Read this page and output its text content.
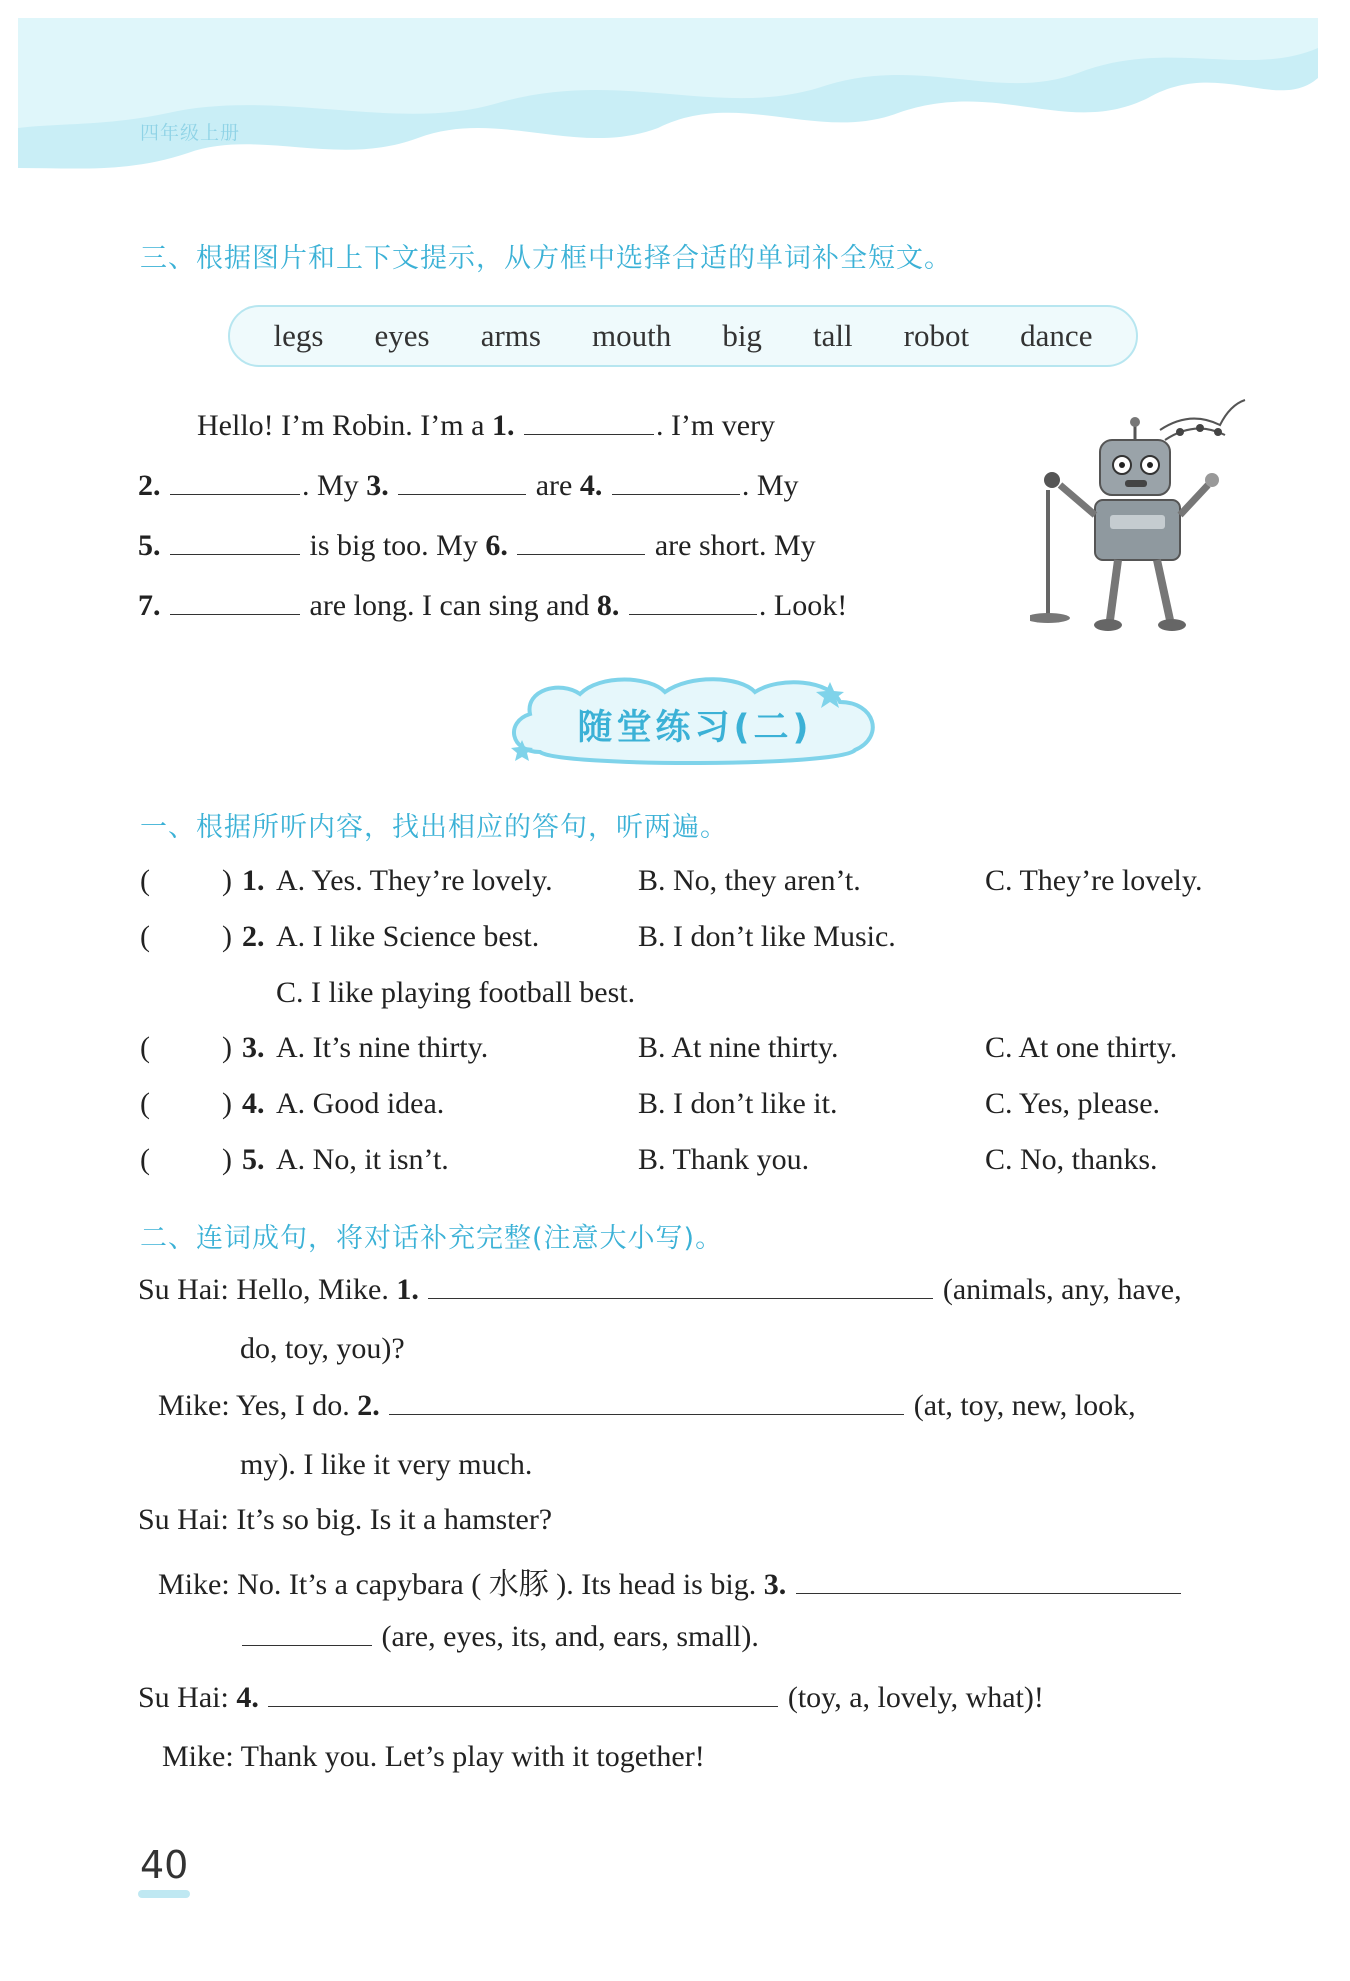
四年级上册
三、根据图片和上下文提示，从方框中选择合适的单词补全短文。
legs eyes arms mouth big tall robot dance
Hello! I’m Robin. I’m a 1.	. I’m very
2.	. My 3.	are 4.	. My
5.	is big too. My 6.	are short. My
7.	are long. I can sing and 8.	. Look!
随堂练习(二)
一、根据所听内容，找出相应的答句，听两遍。
( ) 1. A. Yes. They’re lovely.	B. No, they aren’t.	C. They’re lovely.
( ) 2. A. I like Science best.	B. I don’t like Music.
C. I like playing football best.
( ) 3. A. It’s nine thirty.	B. At nine thirty.	C. At one thirty.
( ) 4. A. Good idea.	B. I don’t like it.	C. Yes, please.
( ) 5. A. No, it isn’t.	B. Thank you.	C. No, thanks.
二、连词成句，将对话补充完整(注意大小写)。
Su Hai: Hello, Mike. 1.	(animals, any, have,
do, toy, you)?
Mike: Yes, I do. 2.	(at, toy, new, look,
my). I like it very much.
Su Hai: It’s so big. Is it a hamster?
Mike: No. It’s a capybara ( 水豚 ). Its head is big. 3.
(are, eyes, its, and, ears, small).
Su Hai: 4.	(toy, a, lovely, what)!
Mike: Thank you. Let’s play with it together!
40
